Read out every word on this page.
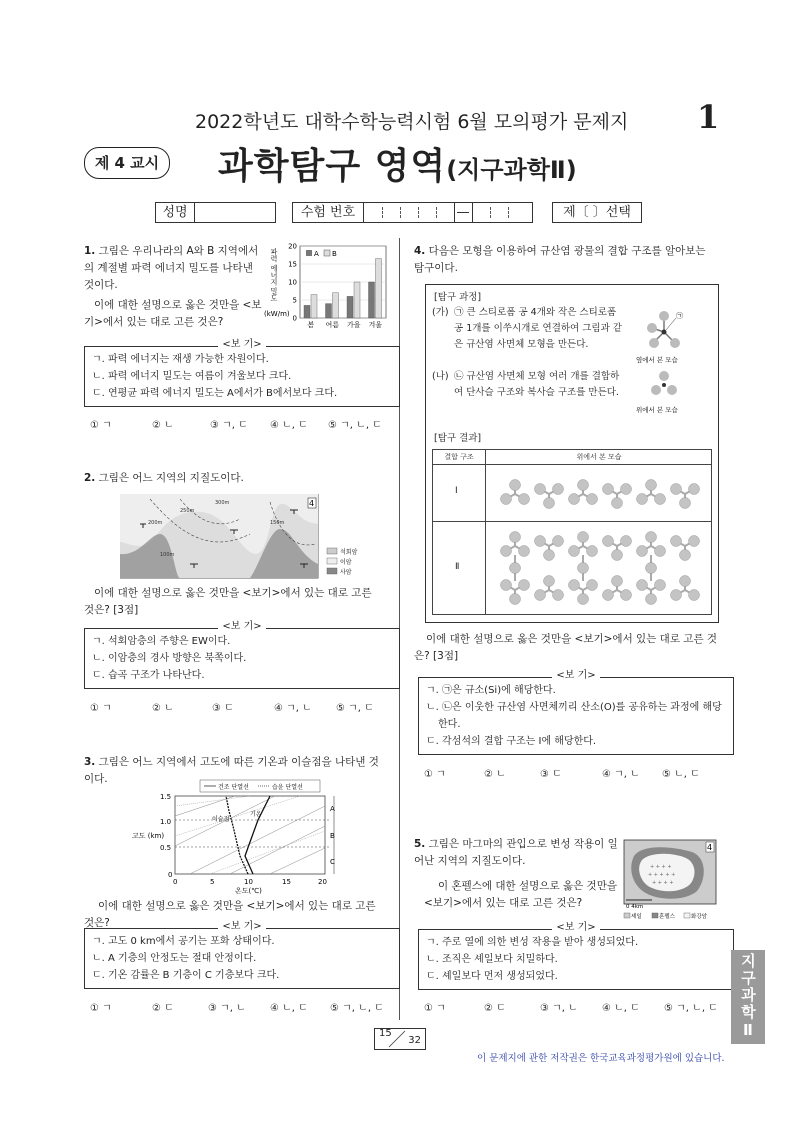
2022학년도 대학수학능력시험 6월 모의평가 문제지 1
제 4 교시	과학탐구 영역(지구과학Ⅱ)
성명	수험 번호	제〔 〕선택
1. 그림은 우리나라의 A와 B 지역에서의 계절별 파력 에너지 밀도를 나타낸 것이다.
이에 대한 설명으로 옳은 것만을 <보기>에서 있는 대로 고른 것은?
파력 에너지 밀도
(kW/m)
20
15
10
5
0
봄 여름 가을 겨울
A B
<보 기>
ㄱ. 파력 에너지는 재생 가능한 자원이다.
ㄴ. 파력 에너지 밀도는 여름이 겨울보다 크다.
ㄷ. 연평균 파력 에너지 밀도는 A에서가 B에서보다 크다.
① ㄱ	② ㄴ	③ ㄱ, ㄷ	④ ㄴ, ㄷ	⑤ ㄱ, ㄴ, ㄷ
2. 그림은 어느 지역의 지질도이다.
300m
250m
200m	150m
100m
4
석회암
이암
사암
이에 대한 설명으로 옳은 것만을 <보기>에서 있는 대로 고른 것은? [3점]
<보 기>
ㄱ. 석회암층의 주향은 EW이다.
ㄴ. 이암층의 경사 방향은 북쪽이다.
ㄷ. 습곡 구조가 나타난다.
① ㄱ	② ㄴ	③ ㄷ	④ ㄱ, ㄴ	⑤ ㄱ, ㄷ
3. 그림은 어느 지역에서 고도에 따른 기온과 이슬점을 나타낸 것이다.
건조 단열선	습윤 단열선
이슬점
기온
A
B
C
1.5
1.0
0.5
0
고도 (km)
0	5	10	15	20
온도(℃)
이에 대한 설명으로 옳은 것만을 <보기>에서 있는 대로 고른 것은?	<보 기>
ㄱ. 고도 0 km에서 공기는 포화 상태이다.
ㄴ. A 기층의 안정도는 절대 안정이다.
ㄷ. 기온 감률은 B 기층이 C 기층보다 크다.
① ㄱ	② ㄷ	③ ㄱ, ㄴ	④ ㄴ, ㄷ	⑤ ㄱ, ㄴ, ㄷ
4. 다음은 모형을 이용하여 규산염 광물의 결합 구조를 알아보는 탐구이다.
[탐구 과정]
(가) ㉠ 큰 스티로폼 공 4개와 작은 스티로폼 공 1개를 이쑤시개로 연결하여 그림과 같은 규산염 사면체 모형을 만든다.
(나) ㉡ 규산염 사면체 모형 여러 개를 결합하여 단사슬 구조와 복사슬 구조를 만든다.
㉠
옆에서 본 모습
위에서 본 모습
[탐구 결과]
결합 구조	위에서 본 모습
Ⅰ
Ⅱ
이에 대한 설명으로 옳은 것만을 <보기>에서 있는 대로 고른 것은? [3점]
<보 기>
ㄱ. ㉠은 규소(Si)에 해당한다.
ㄴ. ㉡은 이웃한 규산염 사면체끼리 산소(O)를 공유하는 과정에 해당한다.
ㄷ. 각섬석의 결합 구조는 Ⅰ에 해당한다.
① ㄱ	② ㄴ	③ ㄷ	④ ㄱ, ㄴ	⑤ ㄴ, ㄷ
5. 그림은 마그마의 관입으로 변성 작용이 일어난 지역의 지질도이다.
이 혼펠스에 대한 설명으로 옳은 것만을 <보기>에서 있는 대로 고른 것은?
+ + + +
+ + + + +
+ + + +
4
0 4km
셰일	혼펠스	화강암
<보 기>
ㄱ. 주로 열에 의한 변성 작용을 받아 생성되었다.
ㄴ. 조직은 셰일보다 치밀하다.
ㄷ. 셰일보다 먼저 생성되었다.
① ㄱ	② ㄷ	③ ㄱ, ㄴ	④ ㄴ, ㄷ	⑤ ㄱ, ㄴ, ㄷ	지구과학Ⅱ
15
32
이 문제지에 관한 저작권은 한국교육과정평가원에 있습니다.
